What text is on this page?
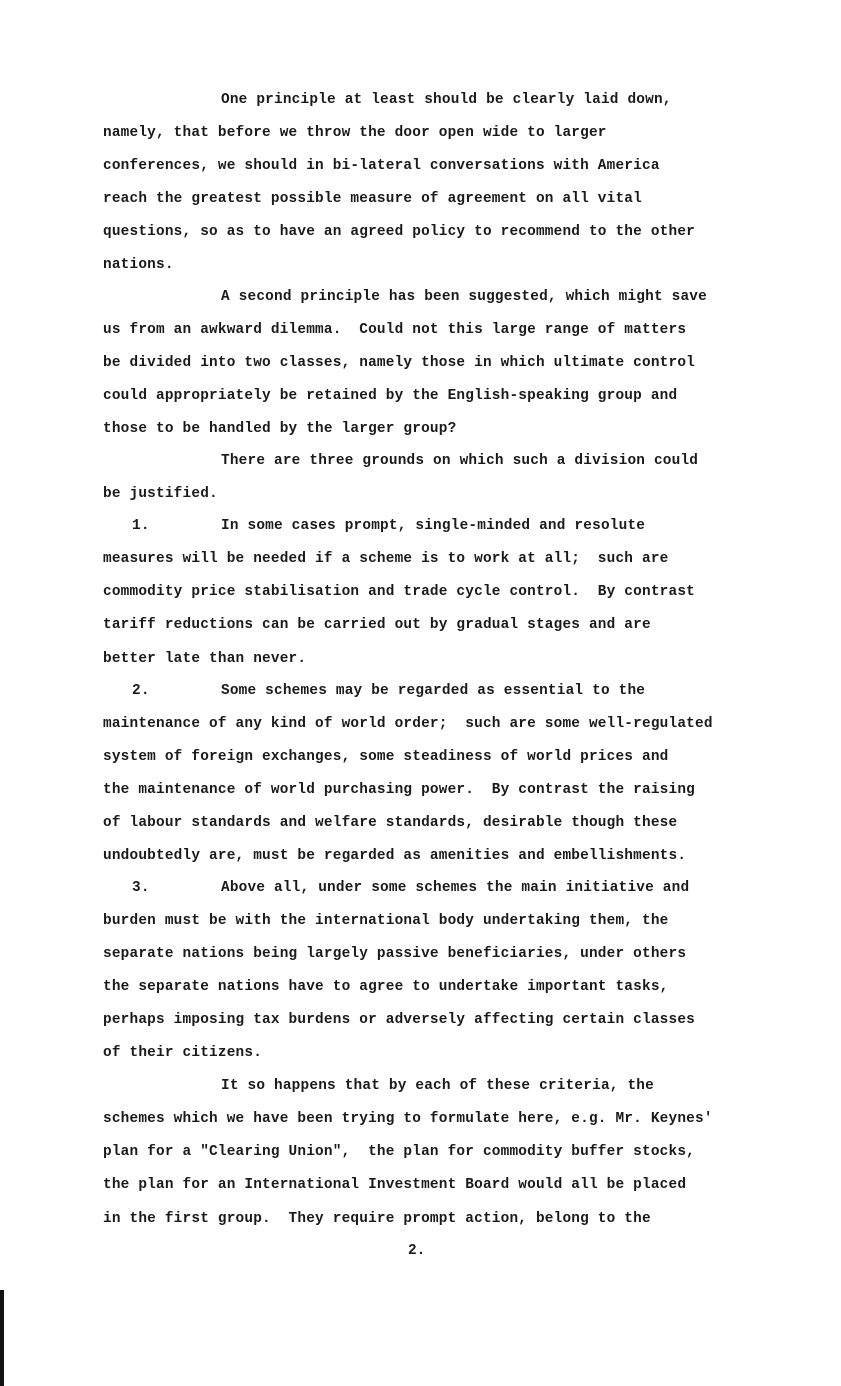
One principle at least should be clearly laid down,
namely, that before we throw the door open wide to larger
conferences, we should in bi-lateral conversations with America
reach the greatest possible measure of agreement on all vital
questions, so as to have an agreed policy to recommend to the other
nations.
A second principle has been suggested, which might save
us from an awkward dilemma.  Could not this large range of matters
be divided into two classes, namely those in which ultimate control
could appropriately be retained by the English-speaking group and
those to be handled by the larger group?
There are three grounds on which such a division could
be justified.
1.	In some cases prompt, single-minded and resolute
measures will be needed if a scheme is to work at all;  such are
commodity price stabilisation and trade cycle control.  By contrast
tariff reductions can be carried out by gradual stages and are
better late than never.
2.	Some schemes may be regarded as essential to the
maintenance of any kind of world order;  such are some well-regulated
system of foreign exchanges, some steadiness of world prices and
the maintenance of world purchasing power.  By contrast the raising
of labour standards and welfare standards, desirable though these
undoubtedly are, must be regarded as amenities and embellishments.
3.	Above all, under some schemes the main initiative and
burden must be with the international body undertaking them, the
separate nations being largely passive beneficiaries, under others
the separate nations have to agree to undertake important tasks,
perhaps imposing tax burdens or adversely affecting certain classes
of their citizens.
It so happens that by each of these criteria, the
schemes which we have been trying to formulate here, e.g. Mr. Keynes'
plan for a "Clearing Union",  the plan for commodity buffer stocks,
the plan for an International Investment Board would all be placed
in the first group.  They require prompt action, belong to the
2.
